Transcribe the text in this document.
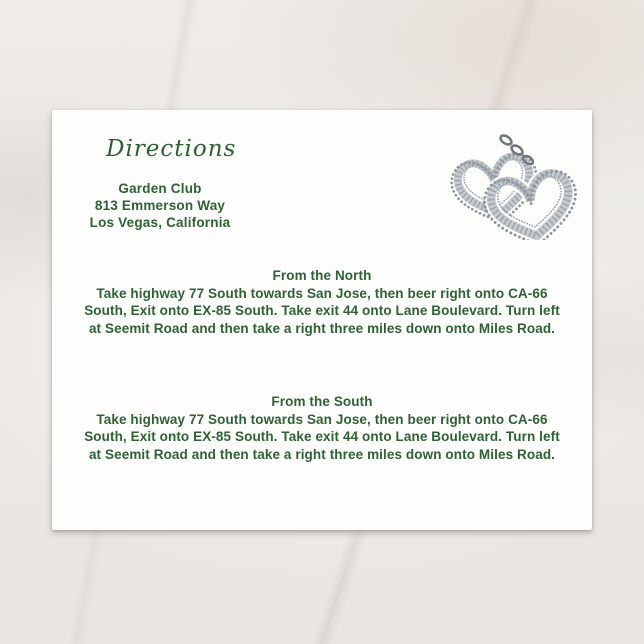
Directions
Garden Club
813 Emmerson Way
Los Vegas, California
From the North
Take highway 77 South towards San Jose, then beer right onto CA-66
South, Exit onto EX-85 South. Take exit 44 onto Lane Boulevard. Turn left
at Seemit Road and then take a right three miles down onto Miles Road.
From the South
Take highway 77 South towards San Jose, then beer right onto CA-66
South, Exit onto EX-85 South. Take exit 44 onto Lane Boulevard. Turn left
at Seemit Road and then take a right three miles down onto Miles Road.
